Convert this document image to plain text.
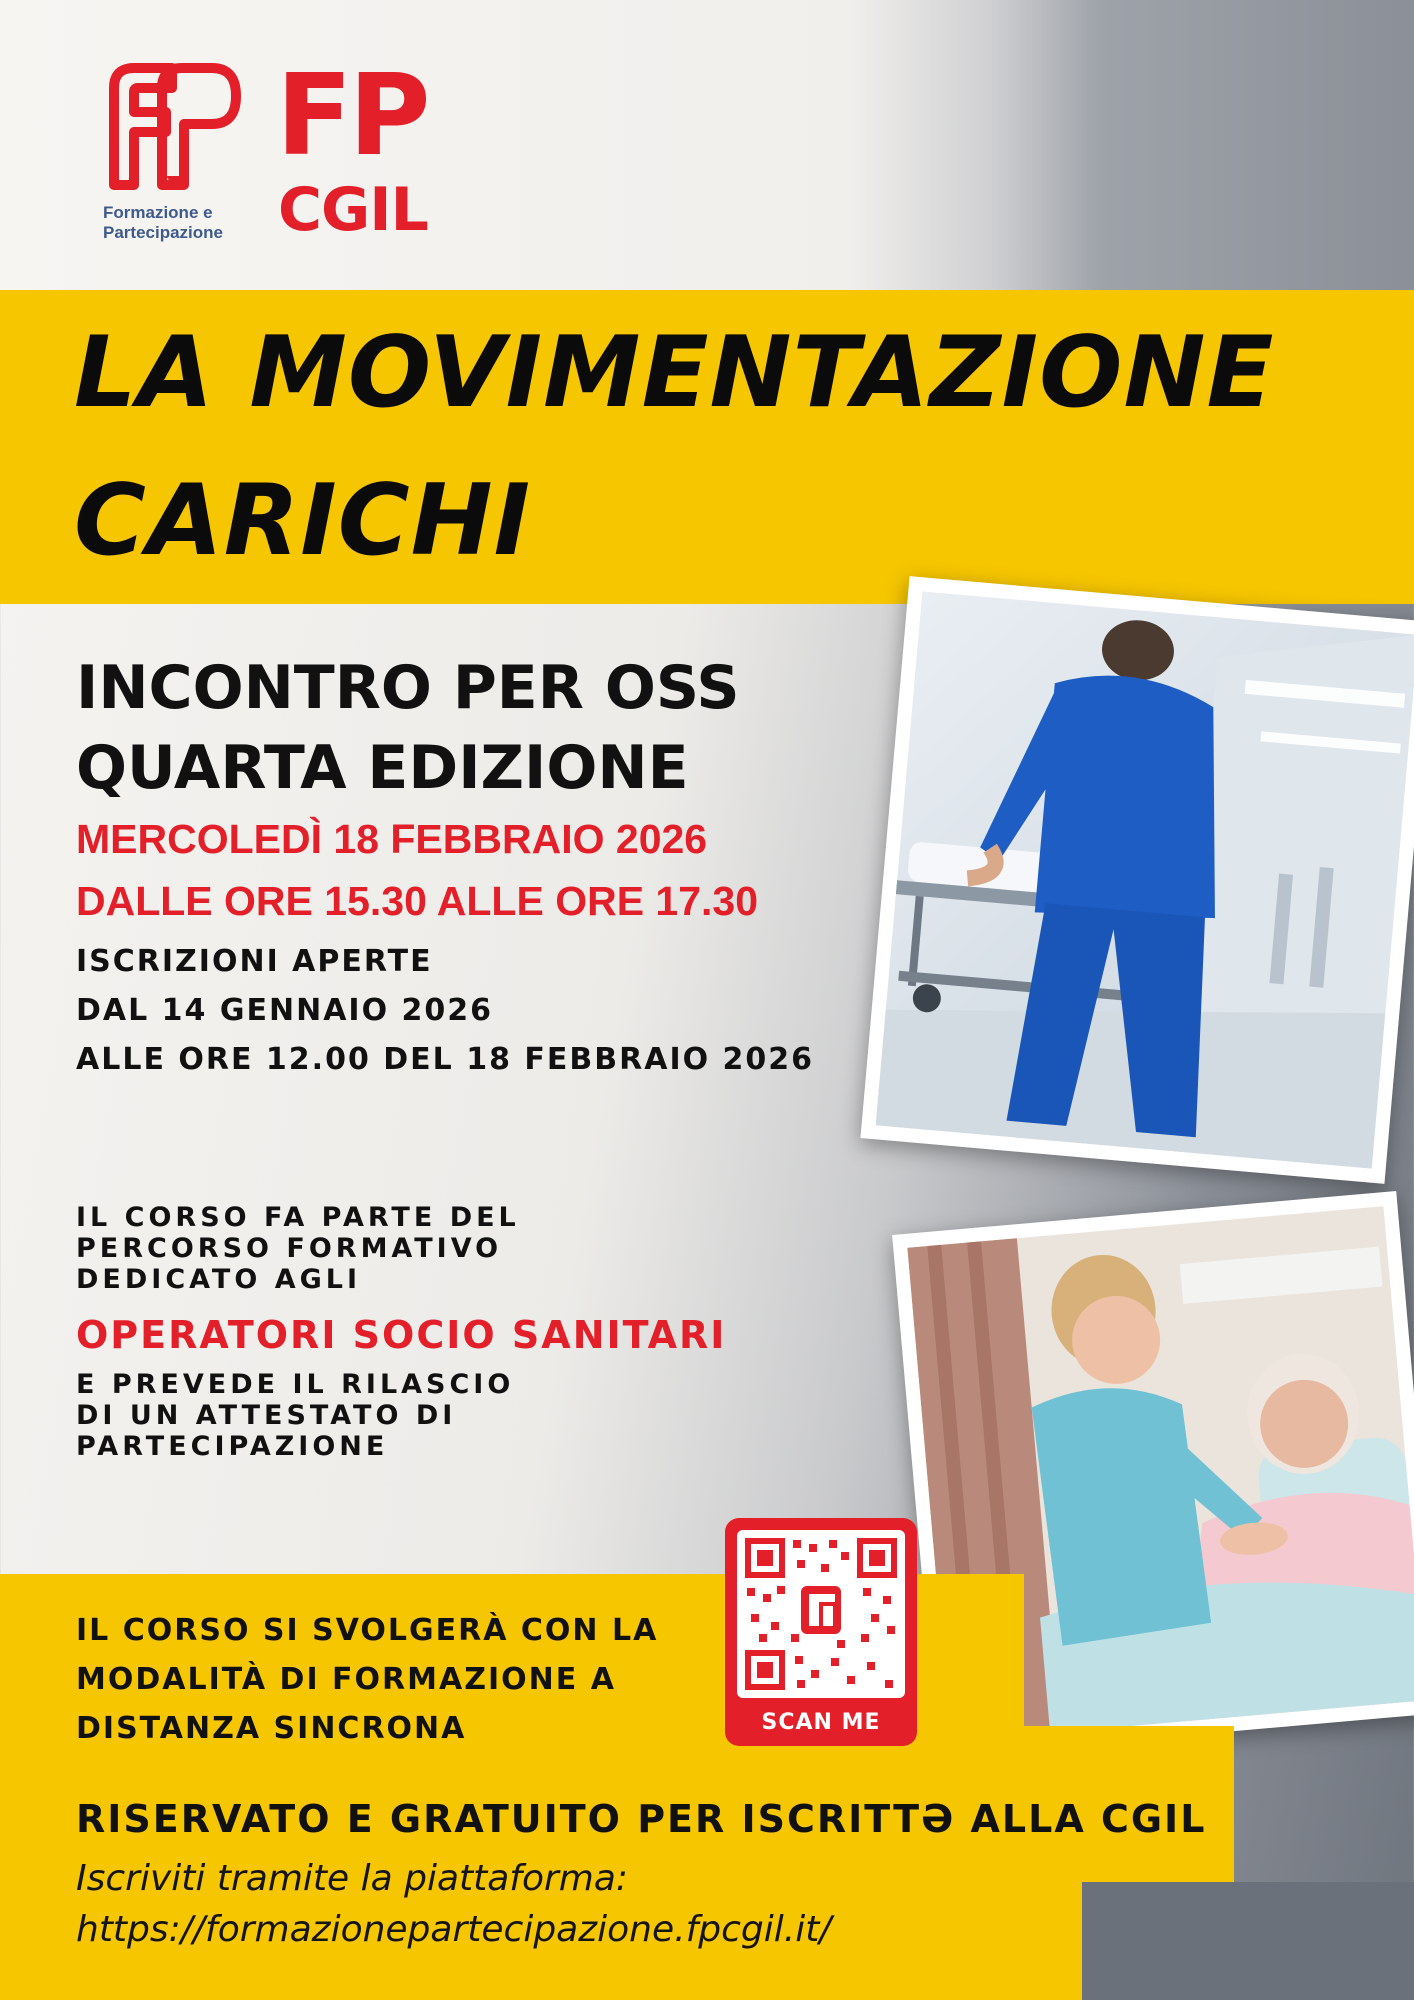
Formazione e
Partecipazione
FP
CGIL
LA MOVIMENTAZIONE
CARICHI
INCONTRO PER OSS
QUARTA EDIZIONE
MERCOLEDÌ 18 FEBBRAIO 2026
DALLE ORE 15.30 ALLE ORE 17.30
ISCRIZIONI APERTE
DAL 14 GENNAIO 2026
ALLE ORE 12.00 DEL 18 FEBBRAIO 2026
IL CORSO FA PARTE DEL
PERCORSO FORMATIVO
DEDICATO AGLI
OPERATORI SOCIO SANITARI
E PREVEDE IL RILASCIO
DI UN ATTESTATO DI
PARTECIPAZIONE
IL CORSO SI SVOLGERÀ CON LA
MODALITÀ DI FORMAZIONE A
DISTANZA SINCRONA	SCAN ME
RISERVATO E GRATUITO PER ISCRITTƏ ALLA CGIL
Iscriviti tramite la piattaforma:
https://formazionepartecipazione.fpcgil.it/
